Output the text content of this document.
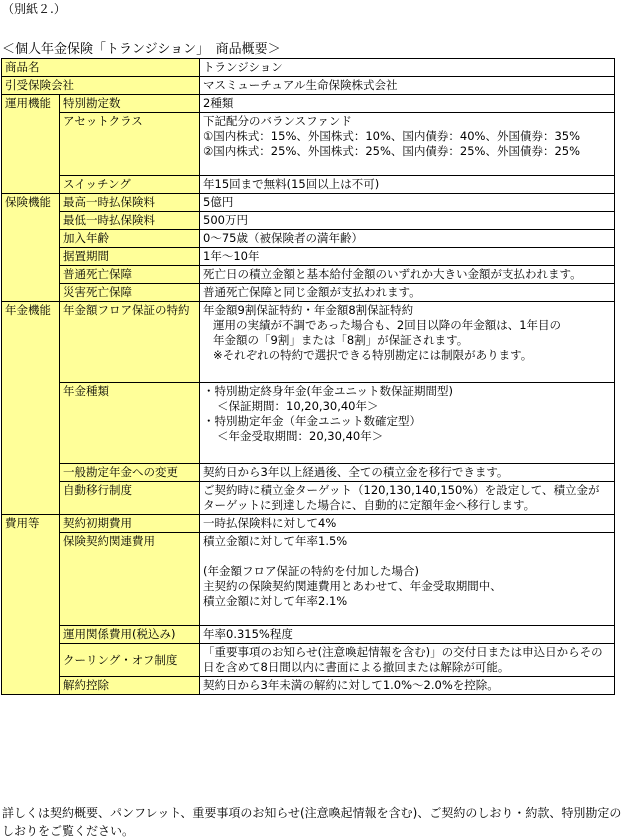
（別紙２.）
＜個人年金保険「トランジション」　商品概要＞
商品名		トランジション
引受保険会社		マスミューチュアル生命保険株式会社
運用機能	特別勘定数	2種類
	アセットクラス	下記配分のバランスファンド
①国内株式：15%、外国株式：10%、国内債券：40%、外国債券：35%
②国内株式：25%、外国株式：25%、国内債券：25%、外国債券：25%

	スイッチング	年15回まで無料(15回以上は不可)
保険機能	最高一時払保険料	5億円
	最低一時払保険料	500万円
	加入年齢	0～75歳（被保険者の満年齢）
	据置期間	1年～10年
	普通死亡保障	死亡日の積立金額と基本給付金額のいずれか大きい金額が支払われます。
	災害死亡保障	普通死亡保障と同じ金額が支払われます。
年金機能	年金額フロア保証の特約	年金額9割保証特約・年金額8割保証特約
運用の実績が不調であった場合も、2回目以降の年金額は、1年目の
年金額の「9割」または「8割」が保証されます。
※それぞれの特約で選択できる特別勘定には制限があります。

	年金種類	・特別勘定終身年金(年金ユニット数保証期間型)
＜保証期間：10,20,30,40年＞
・特別勘定年金（年金ユニット数確定型）
＜年金受取期間：20,30,40年＞

	一般勘定年金への変更	契約日から3年以上経過後、全ての積立金を移行できます。
	自動移行制度	ご契約時に積立金ターゲット（120,130,140,150%）を設定して、積立金が
ターゲットに到達した場合に、自動的に定額年金へ移行します。

費用等	契約初期費用	一時払保険料に対して4%
	保険契約関連費用	積立金額に対して年率1.5%
(年金額フロア保証の特約を付加した場合)
主契約の保険契約関連費用とあわせて、年金受取期間中、
積立金額に対して年率2.1%

	運用関係費用(税込み)	年率0.315%程度
	クーリング・オフ制度	「重要事項のお知らせ(注意喚起情報を含む)」の交付日または申込日からその
日を含めて8日間以内に書面による撤回または解除が可能。

	解約控除	契約日から3年未満の解約に対して1.0%～2.0%を控除。
詳しくは契約概要、パンフレット、重要事項のお知らせ(注意喚起情報を含む)、ご契約のしおり・約款、特別勘定のしおりをご覧ください。
